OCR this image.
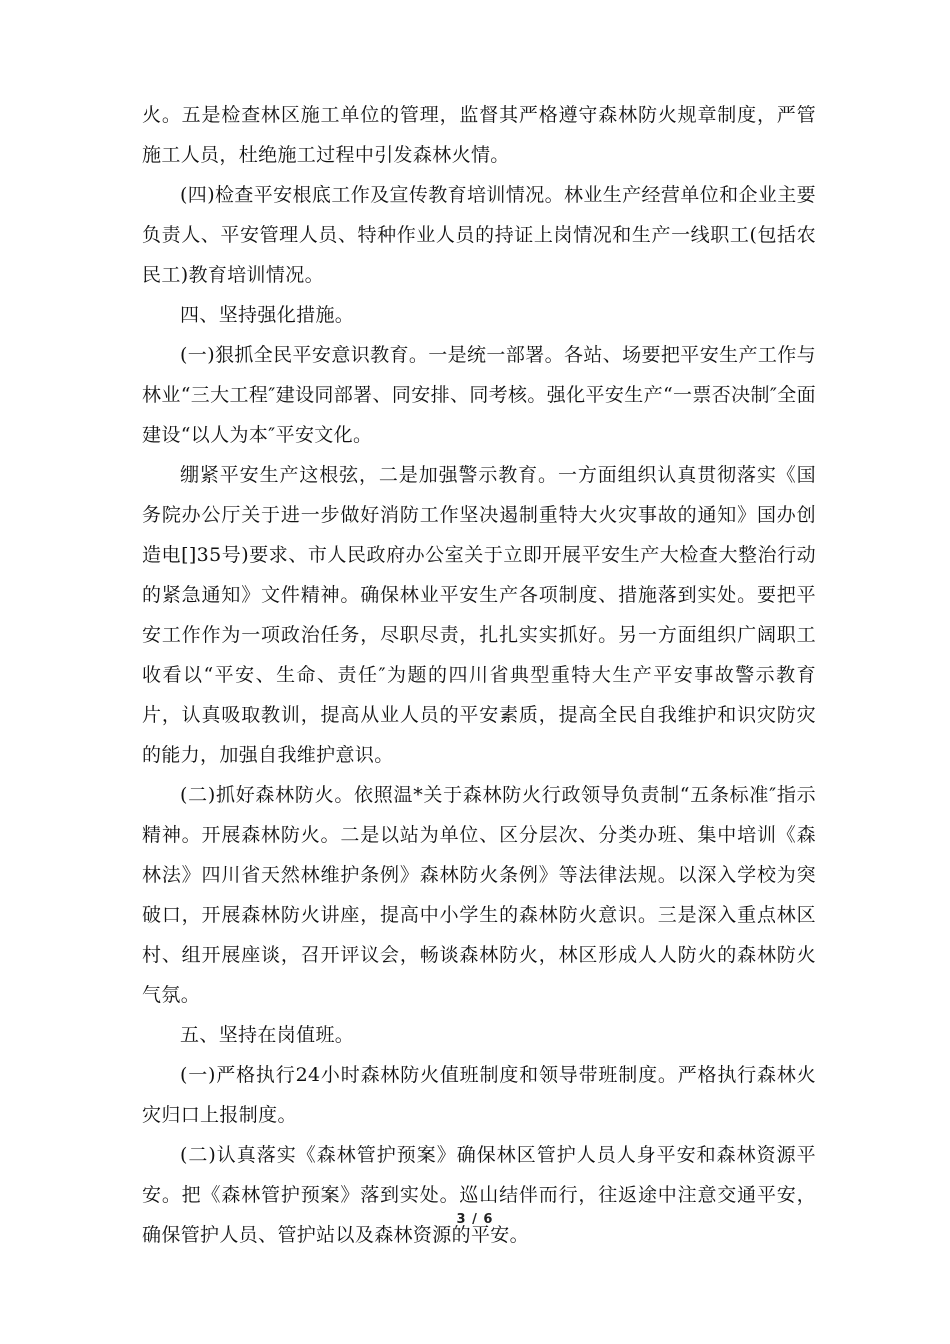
火。五是检查林区施工单位的管理，监督其严格遵守森林防火规章制度，严管施工人员，杜绝施工过程中引发森林火情。

(四)检查平安根底工作及宣传教育培训情况。林业生产经营单位和企业主要负责人、平安管理人员、特种作业人员的持证上岗情况和生产一线职工(包括农民工)教育培训情况。

四、坚持强化措施。

(一)狠抓全民平安意识教育。一是统一部署。各站、场要把平安生产工作与林业“三大工程″建设同部署、同安排、同考核。强化平安生产“一票否决制″全面建设“以人为本″平安文化。

绷紧平安生产这根弦，二是加强警示教育。一方面组织认真贯彻落实《国务院办公厅关于进一步做好消防工作坚决遏制重特大火灾事故的通知》国办创造电[]35号)要求、市人民政府办公室关于立即开展平安生产大检查大整治行动的紧急通知》文件精神。确保林业平安生产各项制度、措施落到实处。要把平安工作作为一项政治任务，尽职尽责，扎扎实实抓好。另一方面组织广阔职工收看以“平安、生命、责任″为题的四川省典型重特大生产平安事故警示教育片，认真吸取教训，提高从业人员的平安素质，提高全民自我维护和识灾防灾的能力，加强自我维护意识。

(二)抓好森林防火。依照温*关于森林防火行政领导负责制“五条标准″指示精神。开展森林防火。二是以站为单位、区分层次、分类办班、集中培训《森林法》四川省天然林维护条例》森林防火条例》等法律法规。以深入学校为突破口，开展森林防火讲座，提高中小学生的森林防火意识。三是深入重点林区村、组开展座谈，召开评议会，畅谈森林防火，林区形成人人防火的森林防火气氛。

五、坚持在岗值班。

(一)严格执行24小时森林防火值班制度和领导带班制度。严格执行森林火灾归口上报制度。

(二)认真落实《森林管护预案》确保林区管护人员人身平安和森林资源平安。把《森林管护预案》落到实处。巡山结伴而行，往返途中注意交通平安，确保管护人员、管护站以及森林资源的平安。

3 / 6
